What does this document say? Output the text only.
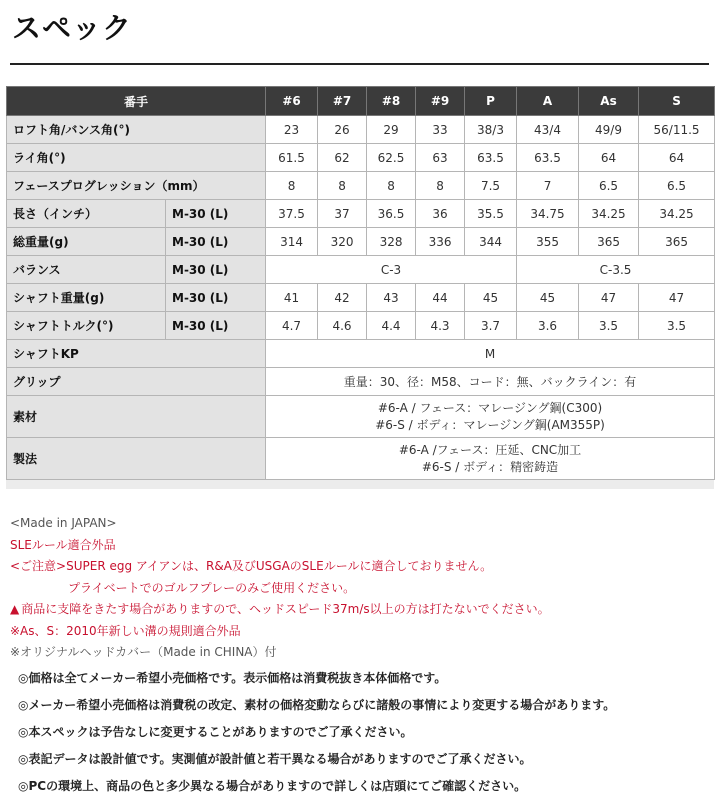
スペック
番手		#6	#7	#8	#9	P	A	As	S
ロフト角/バンス角(°)		23	26	29	33	38/3	43/4	49/9	56/11.5
ライ角(°)		61.5	62	62.5	63	63.5	63.5	64	64
フェースプログレッション（mm）		8	8	8	8	7.5	7	6.5	6.5
長さ（インチ）	M-30 (L)	37.5	37	36.5	36	35.5	34.75	34.25	34.25
総重量(g)	M-30 (L)	314	320	328	336	344	355	365	365
バランス	M-30 (L)	C-3					C-3.5		
シャフト重量(g)	M-30 (L)	41	42	43	44	45	45	47	47
シャフトトルク(°)	M-30 (L)	4.7	4.6	4.4	4.3	3.7	3.6	3.5	3.5
シャフトKP		M							
グリップ		重量：30、径：M58、コード：無、バックライン：有							
素材		#6-A / フェース：マレージング鋼(C300)
#6-S / ボディ：マレージング鋼(AM355P)							

製法		#6-A /フェース：圧延、CNC加工
#6-S / ボディ：精密鋳造							
<Made in JAPAN>
SLEルール適合外品
<ご注意>SUPER egg アイアンは、R&A及びUSGAのSLEルールに適合しておりません。
プライベートでのゴルフプレーのみご使用ください。
▲ 商品に支障をきたす場合がありますので、ヘッドスピード37m/s以上の方は打たないでください。
※As、S：2010年新しい溝の規則適合外品
※オリジナルヘッドカバー（Made in CHINA）付
◎価格は全てメーカー希望小売価格です。表示価格は消費税抜き本体価格です。
◎メーカー希望小売価格は消費税の改定、素材の価格変動ならびに諸般の事情により変更する場合があります。
◎本スペックは予告なしに変更することがありますのでご了承ください。
◎表記データは設計値です。実測値が設計値と若干異なる場合がありますのでご了承ください。
◎PCの環境上、商品の色と多少異なる場合がありますので詳しくは店頭にてご確認ください。
